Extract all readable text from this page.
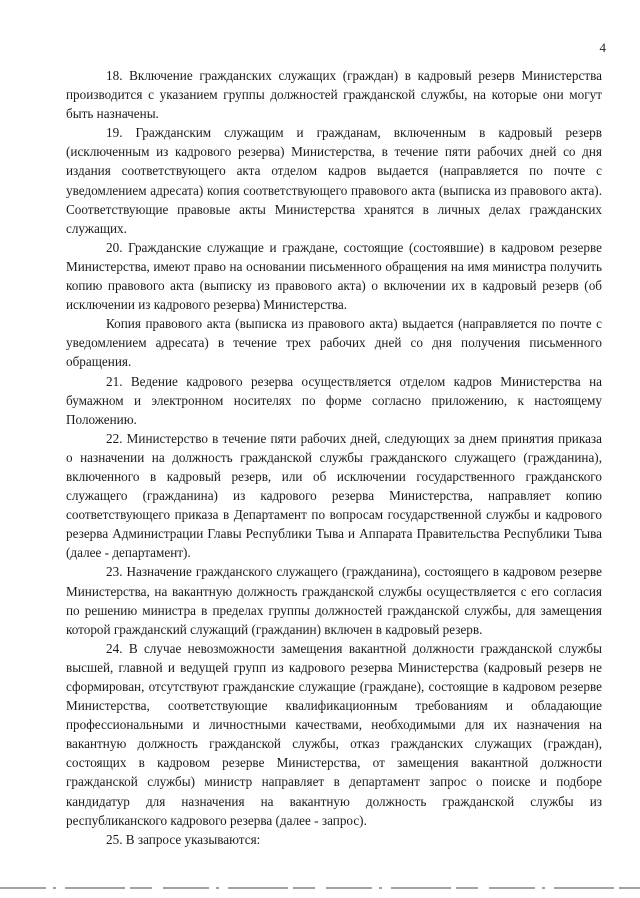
4

18. Включение гражданских служащих (граждан) в кадровый резерв Министерства производится с указанием группы должностей гражданской службы, на которые они могут быть назначены.

19. Гражданским служащим и гражданам, включенным в кадровый резерв (исключенным из кадрового резерва) Министерства, в течение пяти рабочих дней со дня издания соответствующего акта отделом кадров выдается (направляется по почте с уведомлением адресата) копия соответствующего правового акта (выписка из правового акта). Соответствующие правовые акты Министерства хранятся в личных делах гражданских служащих.

20. Гражданские служащие и граждане, состоящие (состоявшие) в кадровом резерве Министерства, имеют право на основании письменного обращения на имя министра получить копию правового акта (выписку из правового акта) о включении их в кадровый резерв (об исключении из кадрового резерва) Министерства.

Копия правового акта (выписка из правового акта) выдается (направляется по почте с уведомлением адресата) в течение трех рабочих дней со дня получения письменного обращения.

21. Ведение кадрового резерва осуществляется отделом кадров Министерства на бумажном и электронном носителях по форме согласно приложению, к настоящему Положению.

22. Министерство в течение пяти рабочих дней, следующих за днем принятия приказа о назначении на должность гражданской службы гражданского служащего (гражданина), включенного в кадровый резерв, или об исключении государственного гражданского служащего (гражданина) из кадрового резерва Министерства, направляет копию соответствующего приказа в Департамент по вопросам государственной службы и кадрового резерва Администрации Главы Республики Тыва и Аппарата Правительства Республики Тыва (далее - департамент).

23. Назначение гражданского служащего (гражданина), состоящего в кадровом резерве Министерства, на вакантную должность гражданской службы осуществляется с его согласия по решению министра в пределах группы должностей гражданской службы, для замещения которой гражданский служащий (гражданин) включен в кадровый резерв.

24. В случае невозможности замещения вакантной должности гражданской службы высшей, главной и ведущей групп из кадрового резерва Министерства (кадровый резерв не сформирован, отсутствуют гражданские служащие (граждане), состоящие в кадровом резерве Министерства, соответствующие квалификационным требованиям и обладающие профессиональными и личностными качествами, необходимыми для их назначения на вакантную должность гражданской службы, отказ гражданских служащих (граждан), состоящих в кадровом резерве Министерства, от замещения вакантной должности гражданской службы) министр направляет в департамент запрос о поиске и подборе кандидатур для назначения на вакантную должность гражданской службы из республиканского кадрового резерва (далее - запрос).

25. В запросе указываются:
